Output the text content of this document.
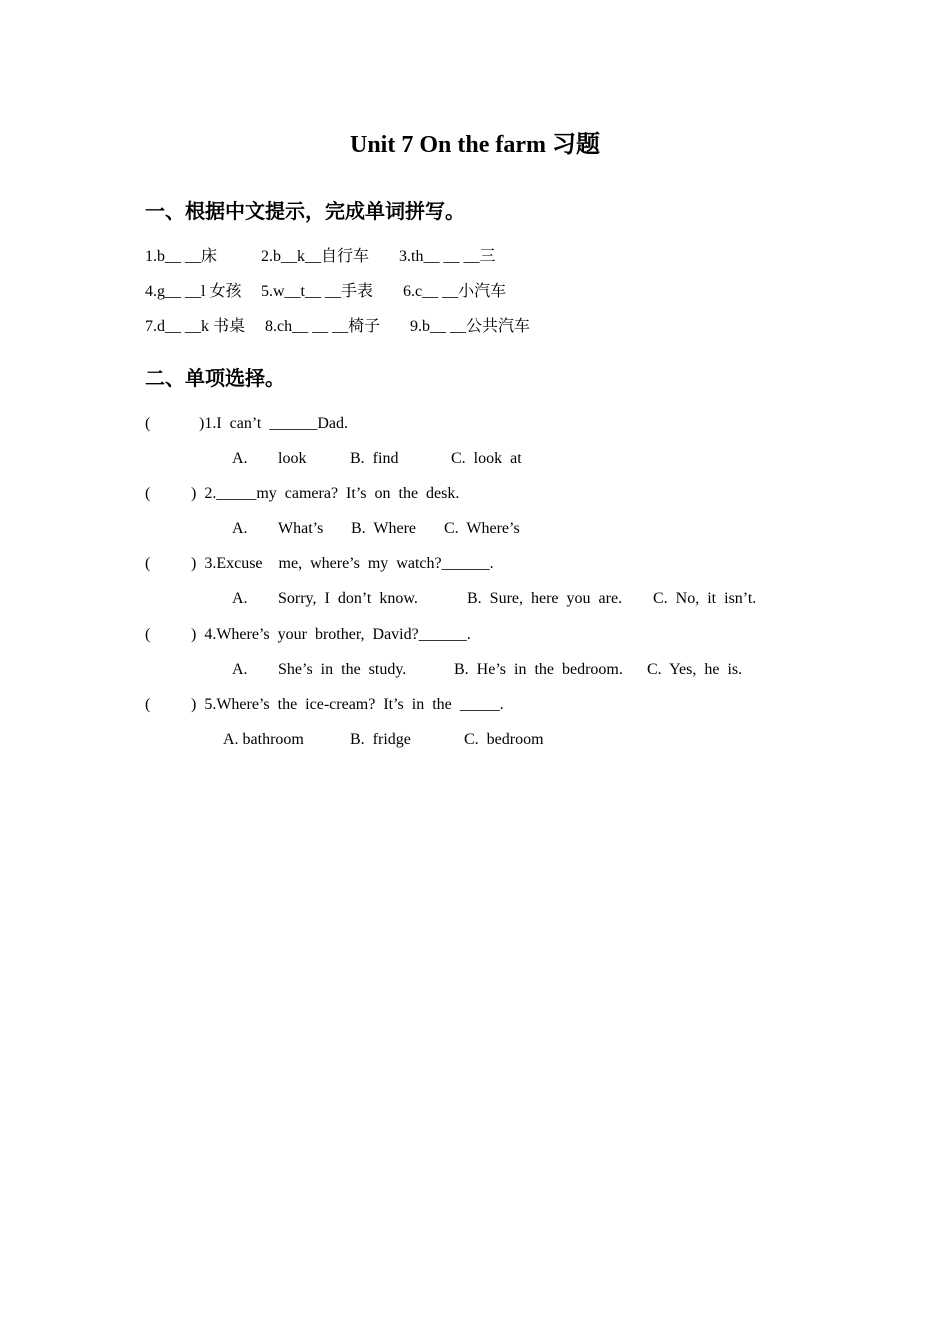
Unit 7 On the farm 习题
一、根据中文提示，完成单词拼写。

1.b__ __床

	2.b__k__自行车

3.th__ __ __三

4.g__ __l 女孩

5.w__t__ __手表

6.c__ __小汽车

7.d__ __k 书桌

8.ch__ __ __椅子

9.b__ __公共汽车

二、单项选择。

(

	)1.I  can’t  ______Dad.

A.

look

	B.  find

	C.  look  at

(

	)  2._____my  camera?  It’s  on  the  desk.

A.

What’s

B.  Where

C.  Where’s

(

	)  3.Excuse    me,  where’s  my  watch?______.

A.

Sorry,  I  don’t  know.

	B.  Sure,  here  you  are.

C.  No,  it  isn’t.

(

	)  4.Where’s  your  brother,  David?______.

A.

She’s  in  the  study.

	B.  He’s  in  the  bedroom.

C.  Yes,  he  is.

(

	)  5.Where’s  the  ice-cream?  It’s  in  the  _____.

A. bathroom

	B.  fridge

	C.  bedroom
